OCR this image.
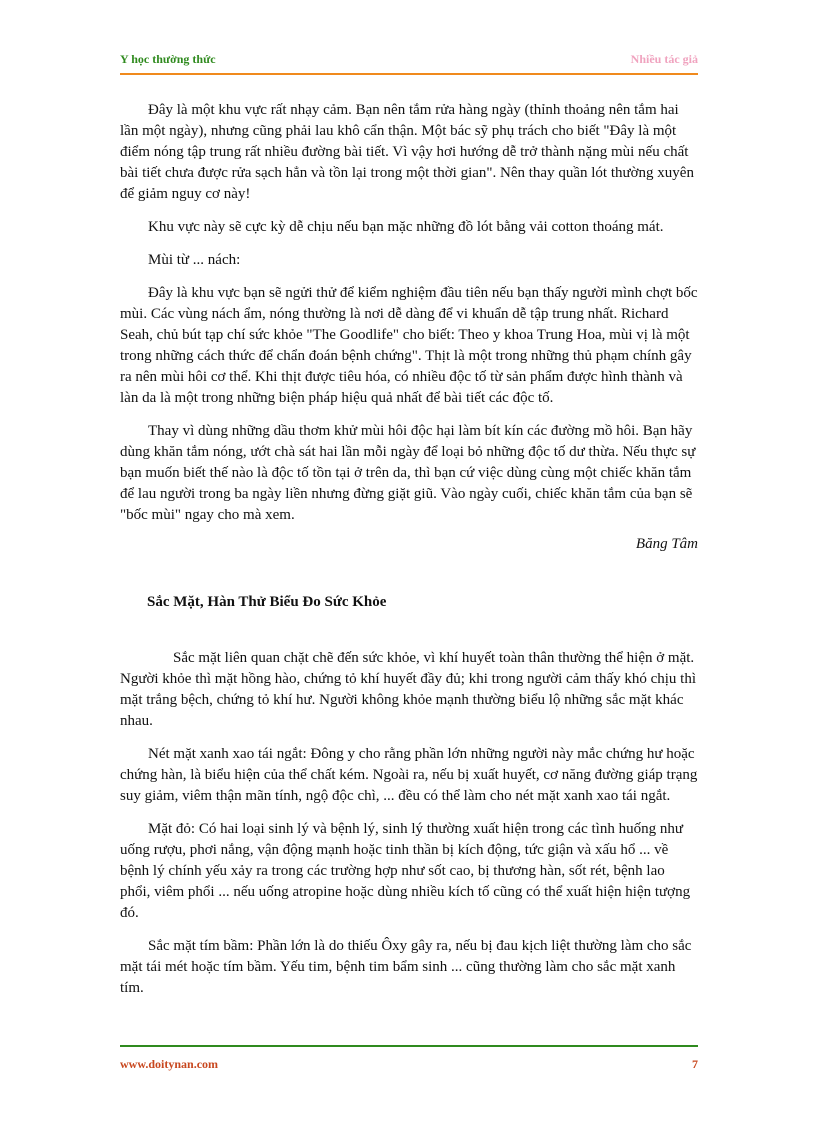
Y học thường thức	Nhiều tác giả

Đây là một khu vực rất nhạy cảm. Bạn nên tắm rửa hàng ngày (thỉnh thoảng nên tắm hai lần một ngày), nhưng cũng phải lau khô cẩn thận. Một bác sỹ phụ trách cho biết "Đây là một điểm nóng tập trung rất nhiều đường bài tiết. Vì vậy hơi hướng dễ trở thành nặng mùi nếu chất bài tiết chưa được rửa sạch hẳn và tồn lại trong một thời gian". Nên thay quần lót thường xuyên để giảm nguy cơ này!

Khu vực này sẽ cực kỳ dễ chịu nếu bạn mặc những đồ lót bằng vải cotton thoáng mát.

Mùi từ ... nách:

Đây là khu vực bạn sẽ ngửi thử để kiểm nghiệm đầu tiên nếu bạn thấy người mình chợt bốc mùi. Các vùng nách ẩm, nóng thường là nơi dễ dàng để vi khuẩn dễ tập trung nhất. Richard Seah, chủ bút tạp chí sức khỏe "The Goodlife" cho biết: Theo y khoa Trung Hoa, mùi vị là một trong những cách thức để chẩn đoán bệnh chứng". Thịt là một trong những thủ phạm chính gây ra nên mùi hôi cơ thể. Khi thịt được tiêu hóa, có nhiều độc tố từ sản phẩm được hình thành và làn da là một trong những biện pháp hiệu quả nhất để bài tiết các độc tố.

Thay vì dùng những dầu thơm khử mùi hôi độc hại làm bít kín các đường mồ hôi. Bạn hãy dùng khăn tắm nóng, ướt chà sát hai lần mỗi ngày để loại bỏ những độc tố dư thừa. Nếu thực sự bạn muốn biết thế nào là độc tố tồn tại ở trên da, thì bạn cứ việc dùng cùng một chiếc khăn tắm để lau người trong ba ngày liền nhưng đừng giặt giũ. Vào ngày cuối, chiếc khăn tắm của bạn sẽ "bốc mùi" ngay cho mà xem.

Băng Tâm
Sắc Mặt, Hàn Thử Biểu Đo Sức Khỏe

Sắc mặt liên quan chặt chẽ đến sức khỏe, vì khí huyết toàn thân thường thể hiện ở mặt. Người khỏe thì mặt hồng hào, chứng tỏ khí huyết đầy đủ; khi trong người cảm thấy khó chịu thì mặt trắng bệch, chứng tỏ khí hư. Người không khỏe mạnh thường biểu lộ những sắc mặt khác nhau.

Nét mặt xanh xao tái ngắt: Đông y cho rằng phần lớn những người này mắc chứng hư hoặc chứng hàn, là biểu hiện của thể chất kém. Ngoài ra, nếu bị xuất huyết, cơ năng đường giáp trạng suy giảm, viêm thận mãn tính, ngộ độc chì, ... đều có thể làm cho nét mặt xanh xao tái ngắt.

Mặt đỏ: Có hai loại sinh lý và bệnh lý, sinh lý thường xuất hiện trong các tình huống như uống rượu, phơi nắng, vận động mạnh hoặc tinh thần bị kích động, tức giận và xấu hổ ... về bệnh lý chính yếu xảy ra trong các trường hợp như sốt cao, bị thương hàn, sốt rét, bệnh lao phổi, viêm phổi ... nếu uống atropine hoặc dùng nhiều kích tố cũng có thể xuất hiện hiện tượng đó.

Sắc mặt tím bầm: Phần lớn là do thiếu Ôxy gây ra, nếu bị đau kịch liệt thường làm cho sắc mặt tái mét hoặc tím bầm. Yếu tim, bệnh tim bẩm sinh ... cũng thường làm cho sắc mặt xanh tím.

www.doitynan.com	7
